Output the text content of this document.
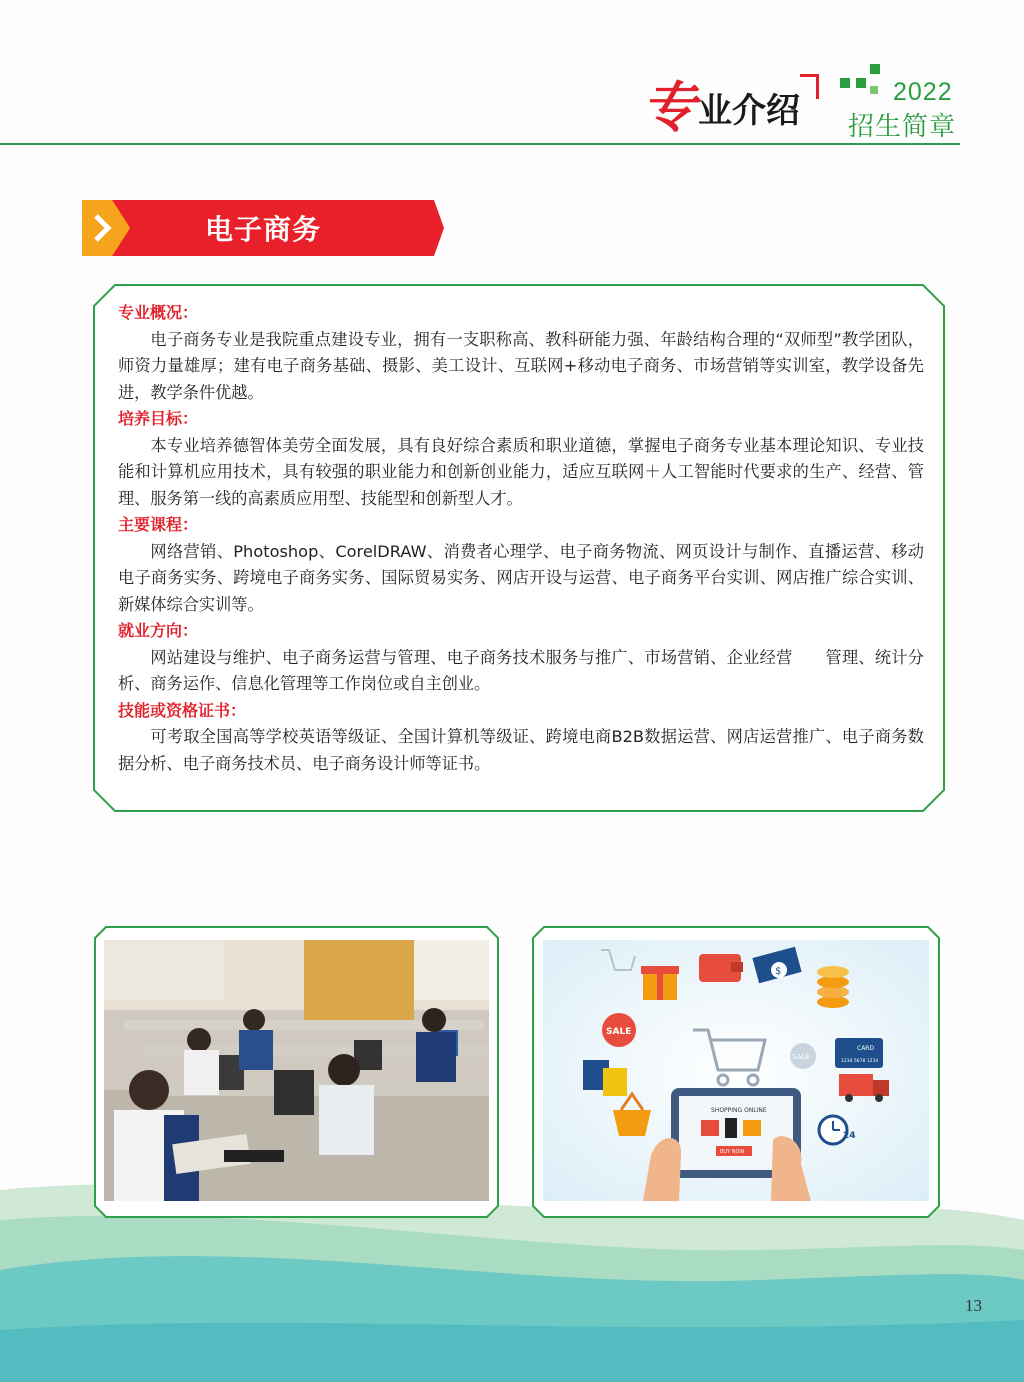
专 业介绍	2022
招生简章
电子商务

专业概况：

电子商务专业是我院重点建设专业，拥有一支职称高、教科研能力强、年龄结构合理的“双师型”教学团队，师资力量雄厚；建有电子商务基础、摄影、美工设计、互联网+移动电子商务、市场营销等实训室，教学设备先进，教学条件优越。

培养目标：

本专业培养德智体美劳全面发展，具有良好综合素质和职业道德，掌握电子商务专业基本理论知识、专业技能和计算机应用技术，具有较强的职业能力和创新创业能力，适应互联网＋人工智能时代要求的生产、经营、管理、服务第一线的高素质应用型、技能型和创新型人才。

主要课程：

网络营销、Photoshop、CorelDRAW、消费者心理学、电子商务物流、网页设计与制作、直播运营、移动电子商务实务、跨境电子商务实务、国际贸易实务、网店开设与运营、电子商务平台实训、网店推广综合实训、新媒体综合实训等。

就业方向：

网站建设与维护、电子商务运营与管理、电子商务技术服务与推广、市场营销、企业经营　　管理、统计分析、商务运作、信息化管理等工作岗位或自主创业。

技能或资格证书：

可考取全国高等学校英语等级证、全国计算机等级证、跨境电商B2B数据运营、网店运营推广、电子商务数据分析、电子商务技术员、电子商务设计师等证书。

$
SALE
SALE
CARD
1234 5678 1234
24
SHOPPING ONLINE
BUY NOW
13
